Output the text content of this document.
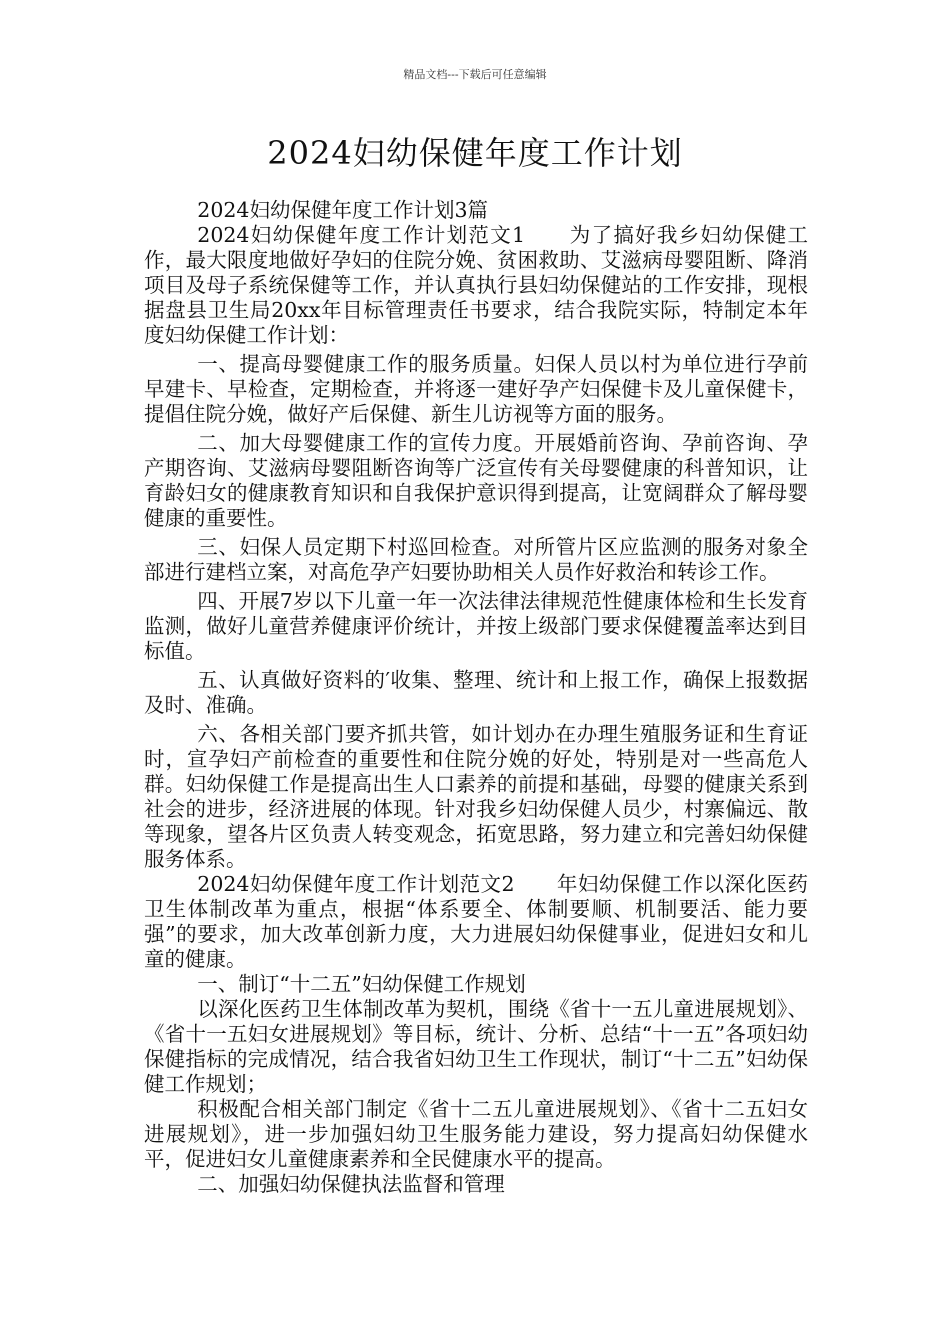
精品文档---下载后可任意编辑
2024妇幼保健年度工作计划

2024妇幼保健年度工作计划3篇

2024妇幼保健年度工作计划范文1　　为了搞好我乡妇幼保健工作，最大限度地做好孕妇的住院分娩、贫困救助、艾滋病母婴阻断、降消项目及母子系统保健等工作，并认真执行县妇幼保健站的工作安排，现根据盘县卫生局20xx年目标管理责任书要求，结合我院实际，特制定本年度妇幼保健工作计划：

一、提高母婴健康工作的服务质量。妇保人员以村为单位进行孕前早建卡、早检查，定期检查，并将逐一建好孕产妇保健卡及儿童保健卡，提倡住院分娩，做好产后保健、新生儿访视等方面的服务。

二、加大母婴健康工作的宣传力度。开展婚前咨询、孕前咨询、孕产期咨询、艾滋病母婴阻断咨询等广泛宣传有关母婴健康的科普知识，让育龄妇女的健康教育知识和自我保护意识得到提高，让宽阔群众了解母婴健康的重要性。

三、妇保人员定期下村巡回检查。对所管片区应监测的服务对象全部进行建档立案，对高危孕产妇要协助相关人员作好救治和转诊工作。

四、开展7岁以下儿童一年一次法律法律规范性健康体检和生长发育监测，做好儿童营养健康评价统计，并按上级部门要求保健覆盖率达到目标值。

五、认真做好资料的′收集、整理、统计和上报工作，确保上报数据及时、准确。

六、各相关部门要齐抓共管，如计划办在办理生殖服务证和生育证时，宣孕妇产前检查的重要性和住院分娩的好处，特别是对一些高危人群。妇幼保健工作是提高出生人口素养的前提和基础，母婴的健康关系到社会的进步，经济进展的体现。针对我乡妇幼保健人员少，村寨偏远、散等现象，望各片区负责人转变观念，拓宽思路，努力建立和完善妇幼保健服务体系。

2024妇幼保健年度工作计划范文2　　年妇幼保健工作以深化医药卫生体制改革为重点，根据“体系要全、体制要顺、机制要活、能力要强”的要求，加大改革创新力度，大力进展妇幼保健事业，促进妇女和儿童的健康。

一、制订“十二五”妇幼保健工作规划

以深化医药卫生体制改革为契机，围绕《省十一五儿童进展规划》、《省十一五妇女进展规划》等目标，统计、分析、总结“十一五”各项妇幼保健指标的完成情况，结合我省妇幼卫生工作现状，制订“十二五”妇幼保健工作规划；

积极配合相关部门制定《省十二五儿童进展规划》、《省十二五妇女进展规划》，进一步加强妇幼卫生服务能力建设，努力提高妇幼保健水平，促进妇女儿童健康素养和全民健康水平的提高。

二、加强妇幼保健执法监督和管理
